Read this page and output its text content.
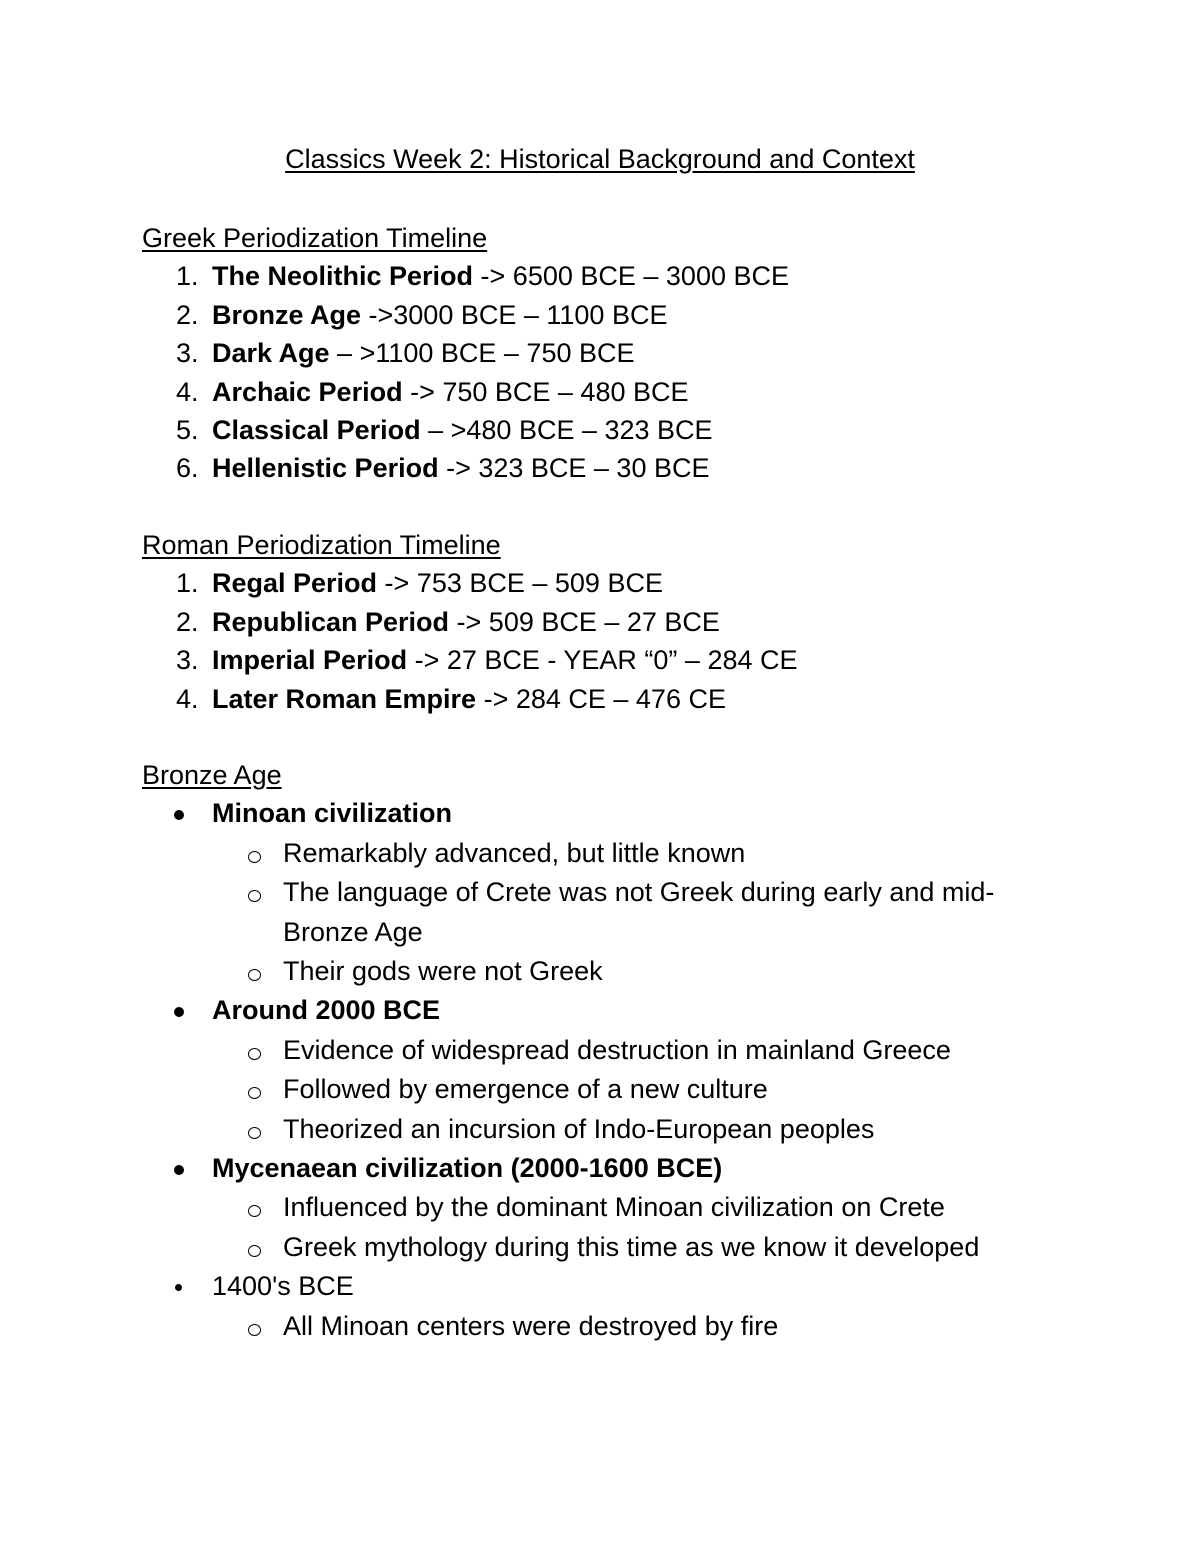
Classics Week 2: Historical Background and Context
Greek Periodization Timeline
1. The Neolithic Period -> 6500 BCE – 3000 BCE
2. Bronze Age ->3000 BCE – 1100 BCE
3. Dark Age – >1100 BCE – 750 BCE
4. Archaic Period -> 750 BCE – 480 BCE
5. Classical Period – >480 BCE – 323 BCE
6. Hellenistic Period -> 323 BCE – 30 BCE
Roman Periodization Timeline
1. Regal Period -> 753 BCE – 509 BCE
2. Republican Period -> 509 BCE – 27 BCE
3. Imperial Period -> 27 BCE - YEAR “0” – 284 CE
4. Later Roman Empire -> 284 CE – 476 CE
Bronze Age
Minoan civilization
Remarkably advanced, but little known
The language of Crete was not Greek during early and mid-Bronze Age
Their gods were not Greek
Around 2000 BCE
Evidence of widespread destruction in mainland Greece
Followed by emergence of a new culture
Theorized an incursion of Indo-European peoples
Mycenaean civilization (2000-1600 BCE)
Influenced by the dominant Minoan civilization on Crete
Greek mythology during this time as we know it developed
1400's BCE
All Minoan centers were destroyed by fire
